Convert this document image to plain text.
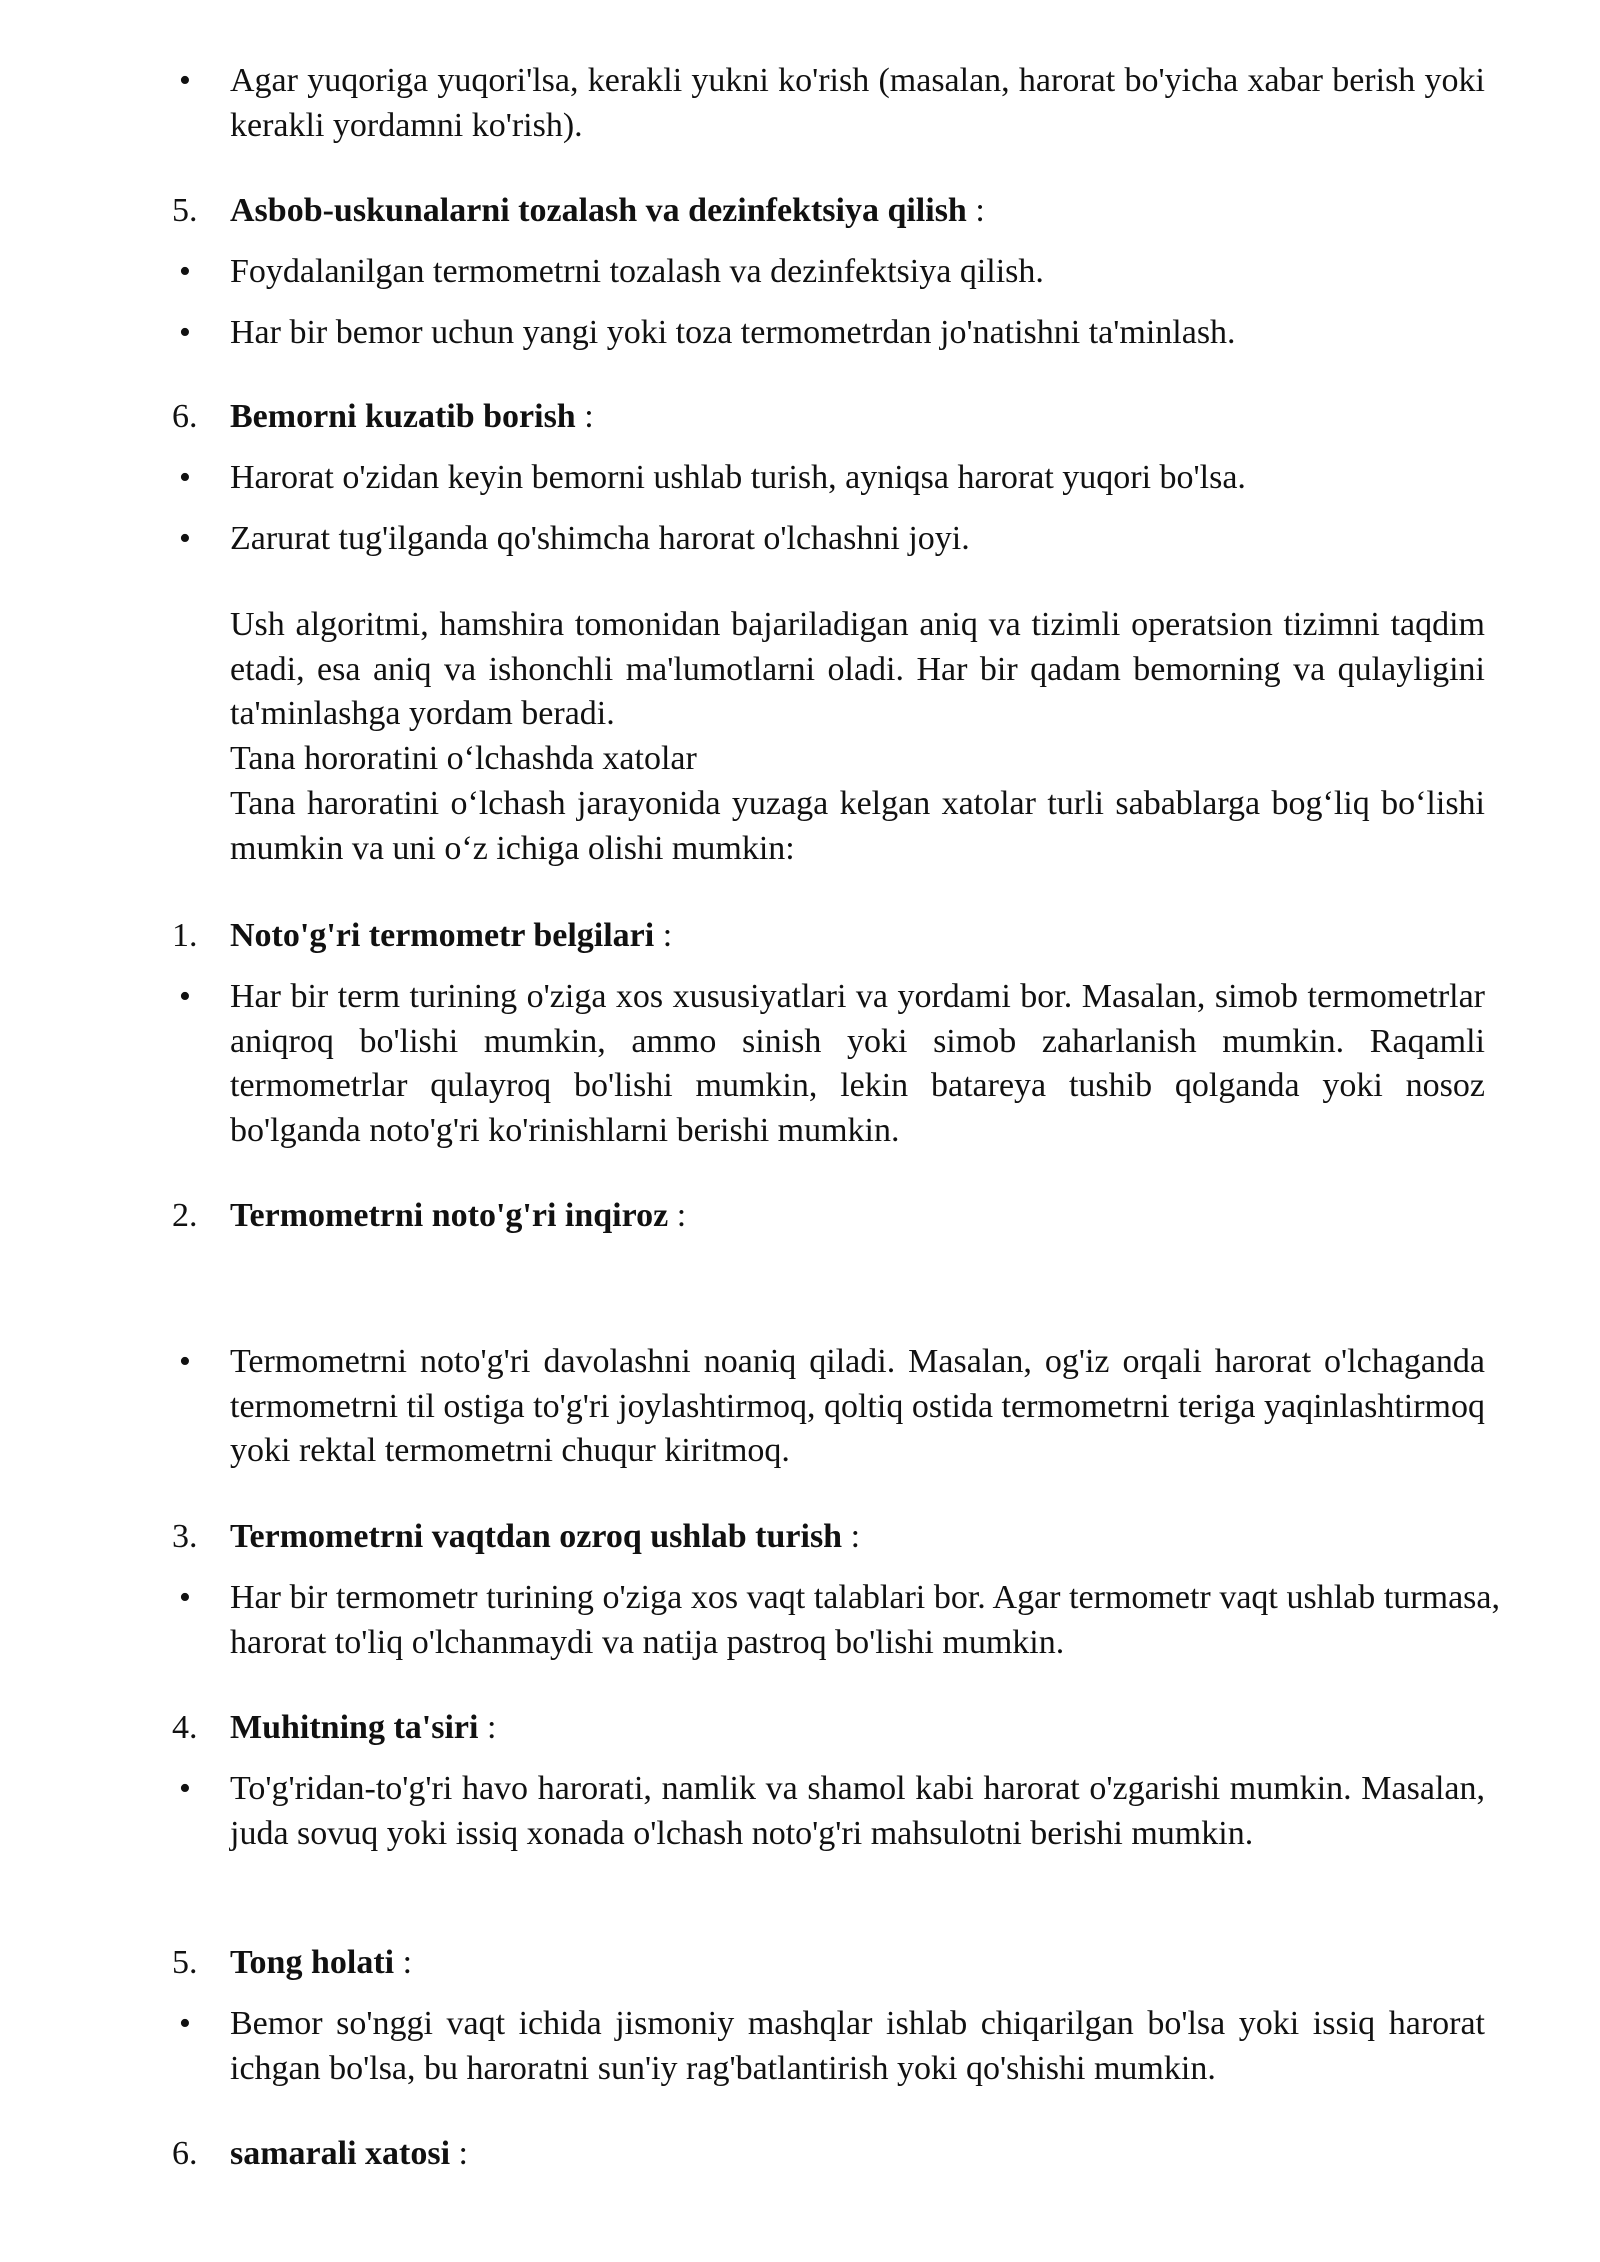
• Agar yuqoriga yuqori'lsa, kerakli yukni ko'rish (masalan, harorat bo'yicha xabar berish yoki kerakli yordamni ko'rish).
5. Asbob-uskunalarni tozalash va dezinfektsiya qilish :
• Foydalanilgan termometrni tozalash va dezinfektsiya qilish.
• Har bir bemor uchun yangi yoki toza termometrdan jo'natishni ta'minlash.
6. Bemorni kuzatib borish :
• Harorat o'zidan keyin bemorni ushlab turish, ayniqsa harorat yuqori bo'lsa.
• Zarurat tug'ilganda qo'shimcha harorat o'lchashni joyi.
Ush algoritmi, hamshira tomonidan bajariladigan aniq va tizimli operatsion tizimni taqdim etadi, esa aniq va ishonchli ma'lumotlarni oladi. Har bir qadam bemorning va qulayligini ta'minlashga yordam beradi.
Tana hororatini o‘lchashda xatolar
Tana haroratini o‘lchash jarayonida yuzaga kelgan xatolar turli sabablarga bog‘liq bo‘lishi mumkin va uni o‘z ichiga olishi mumkin:
1. Noto'g'ri termometr belgilari :
• Har bir term turining o'ziga xos xususiyatlari va yordami bor. Masalan, simob termometrlar aniqroq bo'lishi mumkin, ammo sinish yoki simob zaharlanish mumkin. Raqamli termometrlar qulayroq bo'lishi mumkin, lekin batareya tushib qolganda yoki nosoz bo'lganda noto'g'ri ko'rinishlarni berishi mumkin.
2. Termometrni noto'g'ri inqiroz :
• Termometrni noto'g'ri davolashni noaniq qiladi. Masalan, og'iz orqali harorat o'lchaganda termometrni til ostiga to'g'ri joylashtirmoq, qoltiq ostida termometrni teriga yaqinlashtirmoq yoki rektal termometrni chuqur kiritmoq.
3. Termometrni vaqtdan ozroq ushlab turish :
• Har bir termometr turining o'ziga xos vaqt talablari bor. Agar termometr vaqt ushlab turmasa, harorat to'liq o'lchanmaydi va natija pastroq bo'lishi mumkin.
4. Muhitning ta'siri :
• To'g'ridan-to'g'ri havo harorati, namlik va shamol kabi harorat o'zgarishi mumkin. Masalan, juda sovuq yoki issiq xonada o'lchash noto'g'ri mahsulotni berishi mumkin.
5. Tong holati :
• Bemor so'nggi vaqt ichida jismoniy mashqlar ishlab chiqarilgan bo'lsa yoki issiq harorat ichgan bo'lsa, bu haroratni sun'iy rag'batlantirish yoki qo'shishi mumkin.
6. samarali xatosi :
